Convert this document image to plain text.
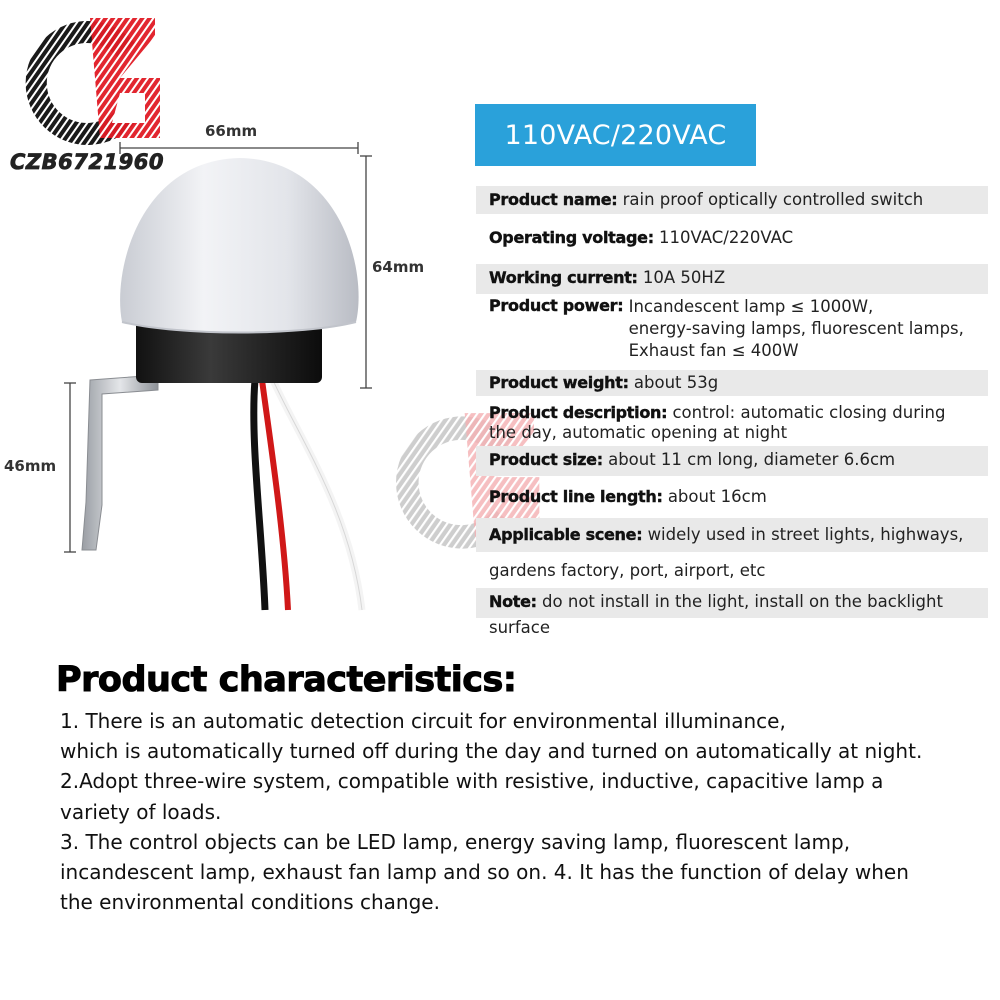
CZB6721960
66mm
64mm
46mm
110VAC/220VAC
Product name: rain proof optically controlled switch
Operating voltage: 110VAC/220VAC
Working current: 10A 50HZ
Product power: Incandescent lamp ≤ 1000W,
energy-saving lamps, fluorescent lamps,
Exhaust fan ≤ 400W
Product weight: about 53g
Product description: control: automatic closing during
the day, automatic opening at night
Product size: about 11 cm long, diameter 6.6cm
Product line length: about 16cm
Applicable scene: widely used in street lights, highways,
gardens factory, port, airport, etc
Note: do not install in the light, install on the backlight
surface
Product characteristics:
1. There is an automatic detection circuit for environmental illuminance,
which is automatically turned off during the day and turned on automatically at night.
2.Adopt three-wire system, compatible with resistive, inductive, capacitive lamp a
variety of loads.
3. The control objects can be LED lamp, energy saving lamp, fluorescent lamp,
incandescent lamp, exhaust fan lamp and so on. 4. It has the function of delay when
the environmental conditions change.
